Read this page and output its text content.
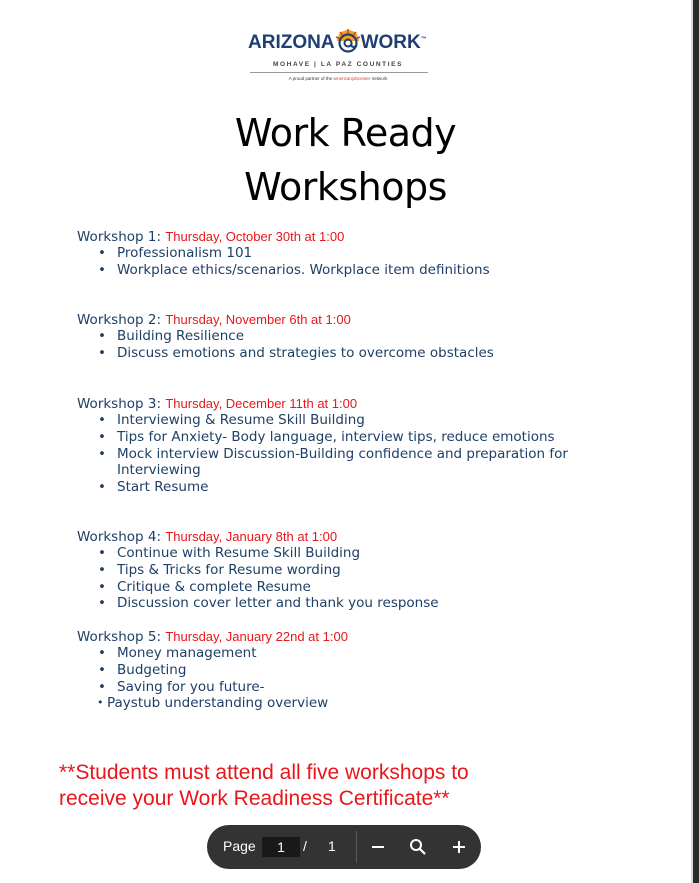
ARIZONA WORK™
MOHAVE | LA PAZ COUNTIES
A proud partner of the americanjobcenter network
Work Ready
Workshops
Workshop 1: Thursday, October 30th at 1:00
• Professionalism 101
• Workplace ethics/scenarios. Workplace item definitions
Workshop 2: Thursday, November 6th at 1:00
• Building Resilience
• Discuss emotions and strategies to overcome obstacles
Workshop 3: Thursday, December 11th at 1:00
• Interviewing & Resume Skill Building
• Tips for Anxiety- Body language, interview tips, reduce emotions
• Mock interview Discussion-Building confidence and preparation for Interviewing
• Start Resume
Workshop 4: Thursday, January 8th at 1:00
• Continue with Resume Skill Building
• Tips & Tricks for Resume wording
• Critique & complete Resume
• Discussion cover letter and thank you response
Workshop 5: Thursday, January 22nd at 1:00
• Money management
• Budgeting
• Saving for you future-
• Paystub understanding overview
**Students must attend all five workshops to
receive your Work Readiness Certificate**
Page
1	/ 1
